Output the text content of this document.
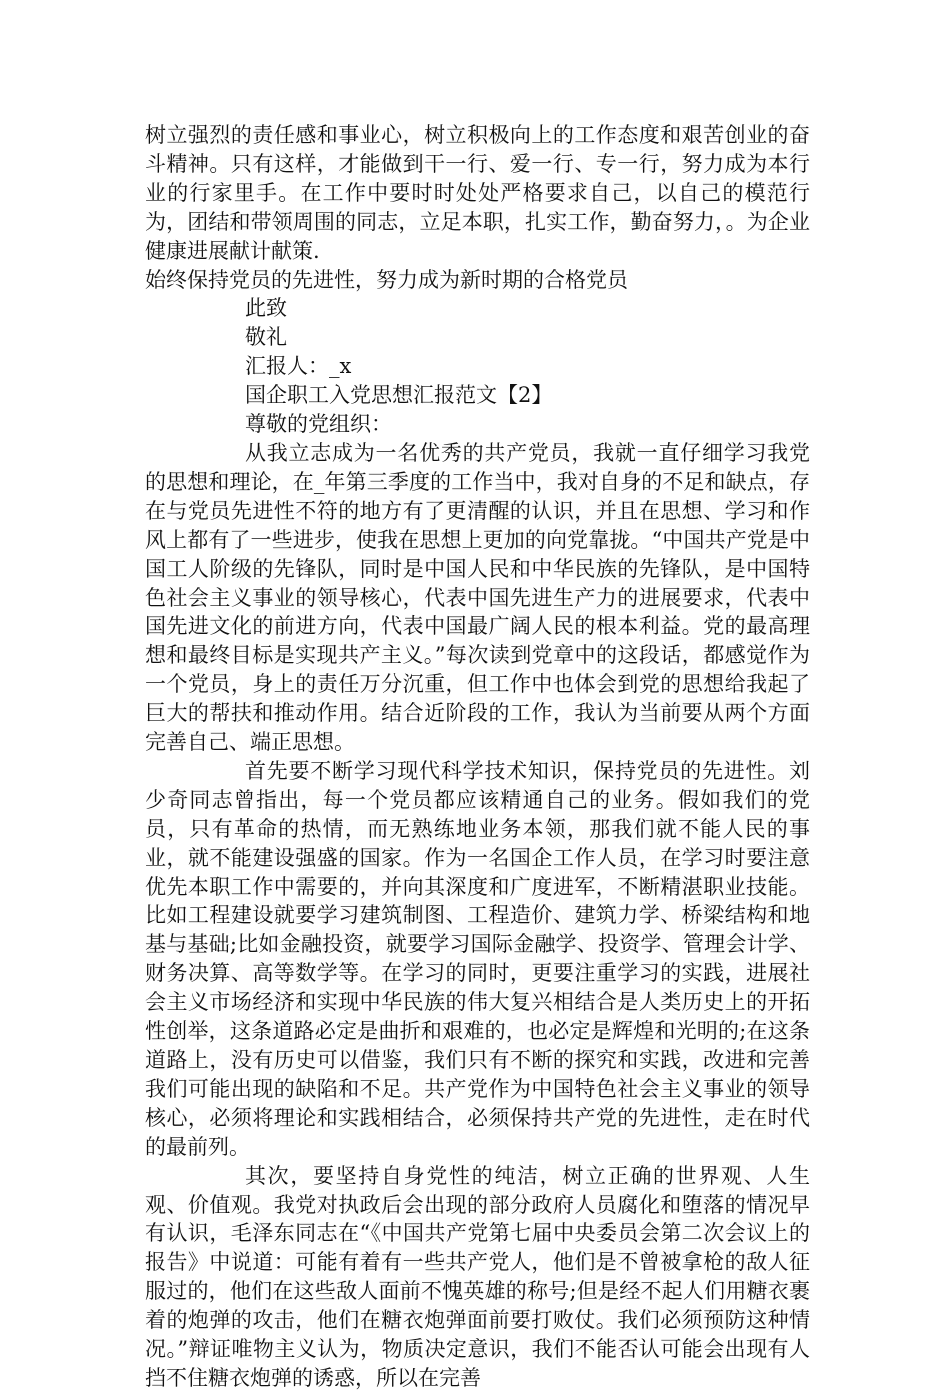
树立强烈的责任感和事业心，树立积极向上的工作态度和艰苦创业的奋斗精神。只有这样，才能做到干一行、爱一行、专一行，努力成为本行业的行家里手。在工作中要时时处处严格要求自己，以自己的模范行为，团结和带领周围的同志，立足本职，扎实工作，勤奋努力，。为企业健康进展献计献策.

始终保持党员的先进性，努力成为新时期的合格党员

此致

敬礼

汇报人：_x

国企职工入党思想汇报范文【2】

尊敬的党组织：

从我立志成为一名优秀的共产党员，我就一直仔细学习我党的思想和理论，在_年第三季度的工作当中，我对自身的不足和缺点，存在与党员先进性不符的地方有了更清醒的认识，并且在思想、学习和作风上都有了一些进步，使我在思想上更加的向党靠拢。“中国共产党是中国工人阶级的先锋队，同时是中国人民和中华民族的先锋队，是中国特色社会主义事业的领导核心，代表中国先进生产力的进展要求，代表中国先进文化的前进方向，代表中国最广阔人民的根本利益。党的最高理想和最终目标是实现共产主义。”每次读到党章中的这段话，都感觉作为一个党员，身上的责任万分沉重，但工作中也体会到党的思想给我起了巨大的帮扶和推动作用。结合近阶段的工作，我认为当前要从两个方面完善自己、端正思想。

首先要不断学习现代科学技术知识，保持党员的先进性。刘少奇同志曾指出，每一个党员都应该精通自己的业务。假如我们的党员，只有革命的热情，而无熟练地业务本领，那我们就不能人民的事业，就不能建设强盛的国家。作为一名国企工作人员，在学习时要注意优先本职工作中需要的，并向其深度和广度进军，不断精湛职业技能。比如工程建设就要学习建筑制图、工程造价、建筑力学、桥梁结构和地基与基础;比如金融投资，就要学习国际金融学、投资学、管理会计学、财务决算、高等数学等。在学习的同时，更要注重学习的实践，进展社会主义市场经济和实现中华民族的伟大复兴相结合是人类历史上的开拓性创举，这条道路必定是曲折和艰难的，也必定是辉煌和光明的;在这条道路上，没有历史可以借鉴，我们只有不断的探究和实践，改进和完善我们可能出现的缺陷和不足。共产党作为中国特色社会主义事业的领导核心，必须将理论和实践相结合，必须保持共产党的先进性，走在时代的最前列。

其次，要坚持自身党性的纯洁，树立正确的世界观、人生观、价值观。我党对执政后会出现的部分政府人员腐化和堕落的情况早有认识，毛泽东同志在“《中国共产党第七届中央委员会第二次会议上的报告》中说道：可能有着有一些共产党人，他们是不曾被拿枪的敌人征服过的，他们在这些敌人面前不愧英雄的称号;但是经不起人们用糖衣裹着的炮弹的攻击，他们在糖衣炮弹面前要打败仗。我们必须预防这种情况。”辩证唯物主义认为，物质决定意识，我们不能否认可能会出现有人挡不住糖衣炮弹的诱惑，所以在完善
